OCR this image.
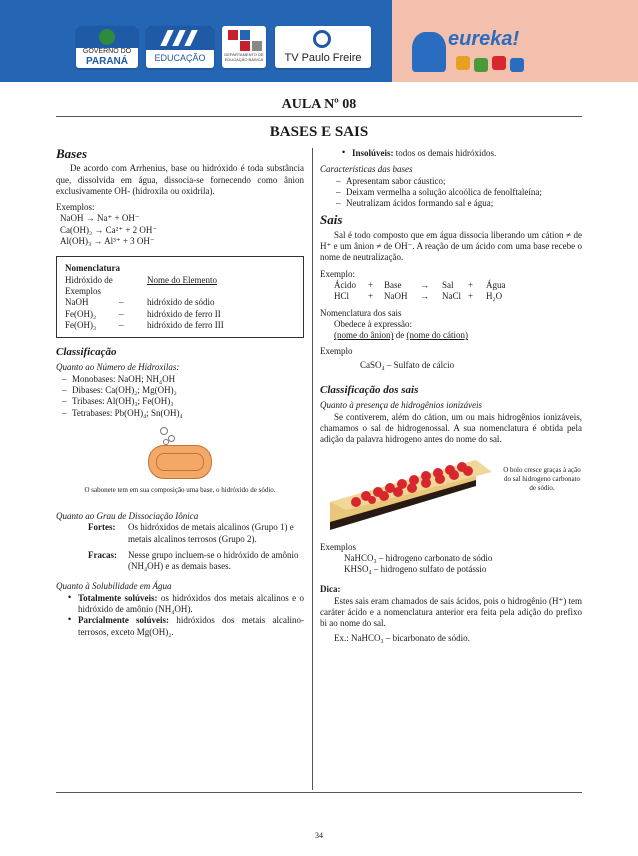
GOVERNO DO
PARANÁ	EDUCAÇÃO	DEPARTAMENTO DE EDUCAÇÃO BÁSICA	TV Paulo Freire
eureka!
AULA Nº 08
BASES E SAIS
Bases

De acordo com Arrhenius, base ou hidróxido é toda substância que, dissolvida em água, dissocia-se fornecendo como ânion exclusivamente OH- (hidroxila ou oxidrila).

Exemplos:

NaOH → Na⁺ + OH⁻

Ca(OH)₂ → Ca²⁺ + 2 OH⁻

Al(OH)₃ → Al³⁺ + 3 OH⁻

Nomenclatura

Hidróxido de	Nome do Elemento

Exemplos

NaOH	–	hidróxido de sódio
Fe(OH)₂	–	hidróxido de ferro II
Fe(OH)₃	–	hidróxido de ferro III
Classificação

Quanto ao Número de Hidroxilas:

– Monobases: NaOH; NH₄OH

– Dibases: Ca(OH)₂; Mg(OH)₂

– Tribases: Al(OH)₃; Fe(OH)₃

– Tetrabases: Pb(OH)₄; Sn(OH)₄

O sabonete tem em sua composição uma base, o hidróxido de sódio.

Quanto ao Grau de Dissociação Iônica

Fortes:	Os hidróxidos de metais alcalinos (Grupo 1) e metais alcalinos terrosos (Grupo 2).
Fracas:	Nesse grupo incluem-se o hidróxido de amônio (NH₄OH) e as demais bases.

Quanto à Solubilidade em Água

• Totalmente solúveis: os hidróxidos dos metais alcalinos e o hidróxido de amônio (NH₄OH).

• Parcialmente solúveis: hidróxidos dos metais alcalino-terrosos, exceto Mg(OH)₂.

• Insolúveis: todos os demais hidróxidos.

Características das bases

– Apresentam sabor cáustico;

– Deixam vermelha a solução alcoólica de fenolftaleína;

– Neutralizam ácidos formando sal e água;

Sais

Sal é todo composto que em água dissocia liberando um cátion ≠ de H⁺ e um ânion ≠ de OH⁻. A reação de um ácido com uma base recebe o nome de neutralização.

Exemplo:

Ácido	+	Base	→	Sal	+	Água
HCl	+	NaOH	→	NaCl +	H₂O

Nomenclatura dos sais

Obedece à expressão:

(nome do ânion) de (nome do cátion)

Exemplo

CaSO₄ – Sulfato de cálcio

Classificação dos sais

Quanto à presença de hidrogênios ionizáveis

Se contiverem, além do cátion, um ou mais hidrogênios ionizáveis, chamamos o sal de hidrogenossal. A sua nomenclatura é obtida pela adição da palavra hidrogeno antes do nome do sal.

O bolo cresce graças à ação do sal hidrogeno carbonato de sódio.

Exemplos

NaHCO₃ – hidrogeno carbonato de sódio

KHSO₄ – hidrogeno sulfato de potássio

Dica:

Estes sais eram chamados de sais ácidos, pois o hidrogênio (H⁺) tem caráter ácido e a nomenclatura anterior era feita pela adição do prefixo bi ao nome do sal.

Ex.: NaHCO₃ – bicarbonato de sódio.

34
